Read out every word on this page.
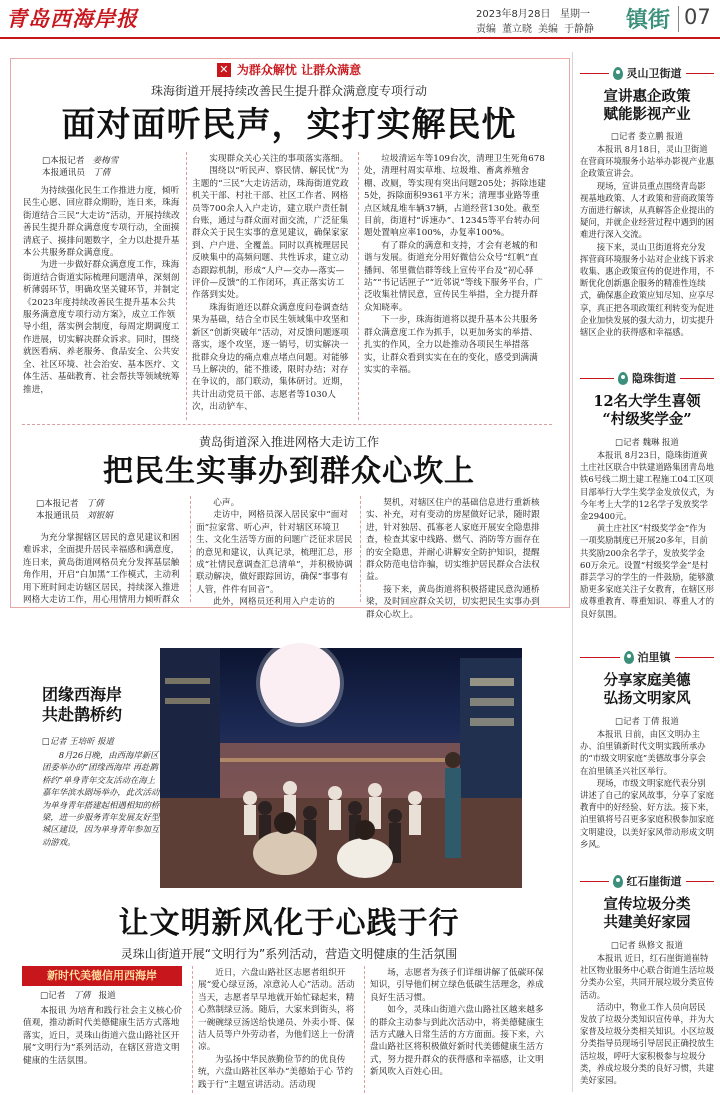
青岛西海岸报	2023年8月28日 星期一
责编 董立晓 美编 于静静 镇街 07
✕ 为群众解忧 让群众满意
珠海街道开展持续改善民生提升群众满意度专项行动
面对面听民声，实打实解民忧
□本报记者 姜梅雪
本报通讯员 丁倩

为持续强化民生工作推进力度，倾听民生心愿、回应群众期盼，连日来，珠海街道结合三民“大走访”活动，开展持续改善民生提升群众满意度专项行动，全面摸清底子、摸排问题数字，全力以赴提升基本公共服务群众满意度。

为进一步做好群众满意度工作，珠海街道结合街道实际梳理问题清单，深刻剖析薄弱环节，明确攻坚关键环节，并制定《2023年度持续改善民生提升基本公共服务满意度专项行动方案》，成立工作领导小组，落实例会制度，每周定期调度工作进展，切实解决群众诉求。同时，围绕就医看病、养老服务、食品安全、公共安全、社区环境、社会治安、基本医疗、文体生活、基础教育、社会帮扶等领域统筹推进，

实现群众关心关注的事项落实落细。

围绕以“听民声、察民情、解民忧”为主题的“三民”大走访活动，珠海街道党政机关干部、村社干部、社区工作者、网格员等700余人入户走访，建立联户责任制台账，通过与群众面对面交流，广泛征集群众关于民生实事的意见建议，确保家家到、户户进、全覆盖。同时以真梳理居民反映集中的高频问题、共性诉求，建立动态跟踪机制，形成“人户—交办—落实—评价—反馈”的工作闭环，真正落实访工作落到实处。

珠海街道还以群众满意度问卷调查结果为基础，结合全市民生领域集中攻坚和新区“创新突破年”活动，对反馈问题逐项落实，逐个攻坚，逐一销号，切实解决一批群众身边的痛点难点堵点问题。对能够马上解决的，能不推诿，限时办结；对存在争议的，部门联动，集体研讨。近期，共计出动党员干部、志愿者等1030人次，出动铲车、

垃圾清运车等109台次，清理卫生死角678处，清理村周实草堆、垃圾堆、畜禽养殖舍棚、改厕，等实现有突出问题205处；拆除违建5处，拆除面积9361平方米；清理事业路等重点区域乱堆车辆37辆，占道经营130处。截至目前，街道村“诉速办”、12345等平台转办问题处置响应率100%，办复率100%。

有了群众的满意和支持，才会有老城的和谐与发展。街道充分用好微信公众号“红帆”直播间、邻里微信群等线上宣传平台及“初心驿站”“书记话匣子”“近邻说”等线下服务平台，广泛收集社情民意，宣传民生举措，全力提升群众知晓率。

下一步，珠海街道将以提升基本公共服务群众满意度工作为抓手，以更加务实的举措、扎实的作风，全力以赴推动各项民生举措落实，让群众看到实实在在的变化，感受到满满实实的幸福。

黄岛街道深入推进网格大走访工作
把民生实事办到群众心坎上
□本报记者 丁倩
本报通讯员 刘银娟

为充分掌握辖区居民的意见建议和困难诉求，全面提升居民幸福感和满意度，连日来，黄岛街道网格员充分发挥基层触角作用，开启“白加黑”工作模式，主动利用下班时间走访辖区居民，持续深入推进网格大走访工作，用心用情用力倾听群众

心声。

走访中，网格员深入居民家中“面对面”拉家常、听心声，针对辖区环境卫生、文化生活等方面的问题广泛征求居民的意见和建议，认真记录，梳理汇总，形成“社情民意调查汇总清单”，并积极协调联动解决，做好跟踪回访，确保“事事有人管，件件有回音”。

此外，网格员还利用入户走访的

契机，对辖区住户的基础信息进行重新核实、补充，对有变动的房屋做好记录，随时跟进，针对独居、孤寡老人家庭开展安全隐患排查，检查其家中线路、燃气、消防等方面存在的安全隐患，并耐心讲解安全防护知识，提醒群众防范电信诈骗，切实维护居民群众合法权益。

接下来，黄岛街道将积极搭建民意沟通桥梁，及时回应群众关切，切实把民生实事办到群众心坎上。

团缘西海岸
共赴鹊桥约
□记者 王培昕 报道
8月26日晚，由西海岸新区团委举办的“团缘西海岸 再赴鹊桥约”单身青年交友活动在海上嘉年华滨水剧场举办，此次活动为单身青年搭建起相遇相知的桥梁，进一步服务青年发展友好型城区建设，因为单身青年参加互动游戏。
让文明新风化于心践于行
灵珠山街道开展“文明行为”系列活动，营造文明健康的生活氛围
新时代美德信用西海岸
□记者 丁倩 报道

本报讯 为培育和践行社会主义核心价值观，推动新时代美德健康生活方式落地落实，近日，灵珠山街道六盘山路社区开展“文明行为”系列活动，在辖区营造文明健康的生活氛围。

近日，六盘山路社区志愿者组织开展“爱心绿豆汤，凉意沁人心”活动。活动当天，志愿者早早地就开始忙碌起来，精心熬制绿豆汤。随后，大家来到街头，将一碗碗绿豆汤送给快递员、外卖小哥、保洁人员等户外劳动者，为他们送上一份清凉。

为弘扬中华民族勤俭节约的优良传统，六盘山路社区举办“美德始于心 节约践于行”主题宣讲活动。活动现

场，志愿者为孩子们详细讲解了低碳环保知识，引导他们树立绿色低碳生活理念，养成良好生活习惯。

如今，灵珠山街道六盘山路社区越来越多的群众主动参与到此次活动中，将美德健康生活方式融入日常生活的方方面面。接下来，六盘山路社区将积极做好新时代美德健康生活方式，努力提升群众的获得感和幸福感，让文明新风吹入百姓心田。

灵山卫街道
宣讲惠企政策
赋能影视产业
□记者 娄立鹏 报道

本报讯 8月18日，灵山卫街道在营商环境服务小站举办影视产业惠企政策宣讲会。

现场，宣讲员重点围绕青岛影视基地政策、人才政策和营商政策等方面进行解读，从真解答企业提出的疑问，并就企业经营过程中遇到的困难进行深入交流。

接下来，灵山卫街道将充分发挥营商环境服务小站对企业线下诉求收集、惠企政策宣传的促进作用，不断优化创新惠企服务的精准性连续式，确保惠企政策应知尽知、应享尽享，真正把各项政策红利转变为促进企业加快发展的强大动力，切实提升辖区企业的获得感和幸福感。

隐珠街道
12名大学生喜领
“村级奖学金”
□记者 魏琳 报道

本报讯 8月23日，隐珠街道黄土庄社区联合中铁建道路集团青岛地铁6号线二期土建工程施工04工区项目部举行大学生奖学金发放仪式，为今年考上大学的12名学子发放奖学金29400元。

黄土庄社区“村级奖学金”作为一项奖励制度已开展20多年，目前共奖励200余名学子，发放奖学金60万余元。设置“村级奖学金”是村群芸学习的学生的一件鼓励，能够激励更多家庭关注子女教育，在辖区形成尊重教育、尊重知识、尊重人才的良好氛围。

泊里镇
分享家庭美德
弘扬文明家风
□记者 丁倩 报道

本报讯 日前，由区文明办主办、泊里镇新时代文明实践所承办的“市级文明家庭”美德故事分享会在泊里镇圣兴社区举行。

现场，市级文明家庭代表分别讲述了自己的家风故事，分享了家庭教育中的好经验、好方法。接下来，泊里镇将号召更多家庭积极参加家庭文明建设，以美好家风带动形成文明乡风。

红石崖街道
宣传垃圾分类
共建美好家园
□记者 纵修文 报道

本报讯 近日，红石崖街道崔特社区物业服务中心联合街道生活垃圾分类办公室，共同开展垃圾分类宣传活动。

活动中，物业工作人员向居民发放了垃圾分类知识宣传单，并为大家普及垃圾分类相关知识。小区垃圾分类指导员现场引导居民正确投放生活垃圾，呼吁大家积极参与垃圾分类，养成垃圾分类的良好习惯，共建美好家园。
